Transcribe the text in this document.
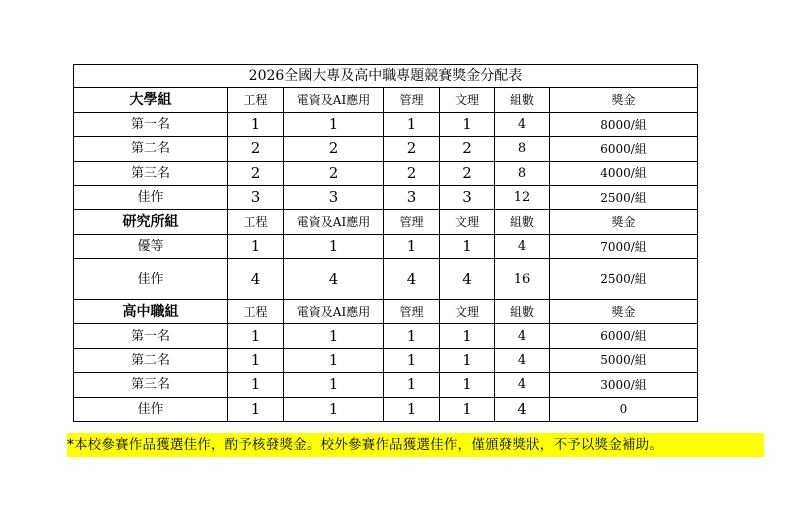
2026全國大專及高中職專題競賽獎金分配表						
大學組	工程	電資及AI應用	管理	文理	組數	獎金
第一名	1	1	1	1	4	8000/組
第二名	2	2	2	2	8	6000/組
第三名	2	2	2	2	8	4000/組
佳作	3	3	3	3	12	2500/組
研究所組	工程	電資及AI應用	管理	文理	組數	獎金
優等	1	1	1	1	4	7000/組
佳作	4	4	4	4	16	2500/組
高中職組	工程	電資及AI應用	管理	文理	組數	獎金
第一名	1	1	1	1	4	6000/組
第二名	1	1	1	1	4	5000/組
第三名	1	1	1	1	4	3000/組
佳作	1	1	1	1	4	0
*本校參賽作品獲選佳作，酌予核發獎金。校外參賽作品獲選佳作，僅頒發獎狀，不予以獎金補助。
